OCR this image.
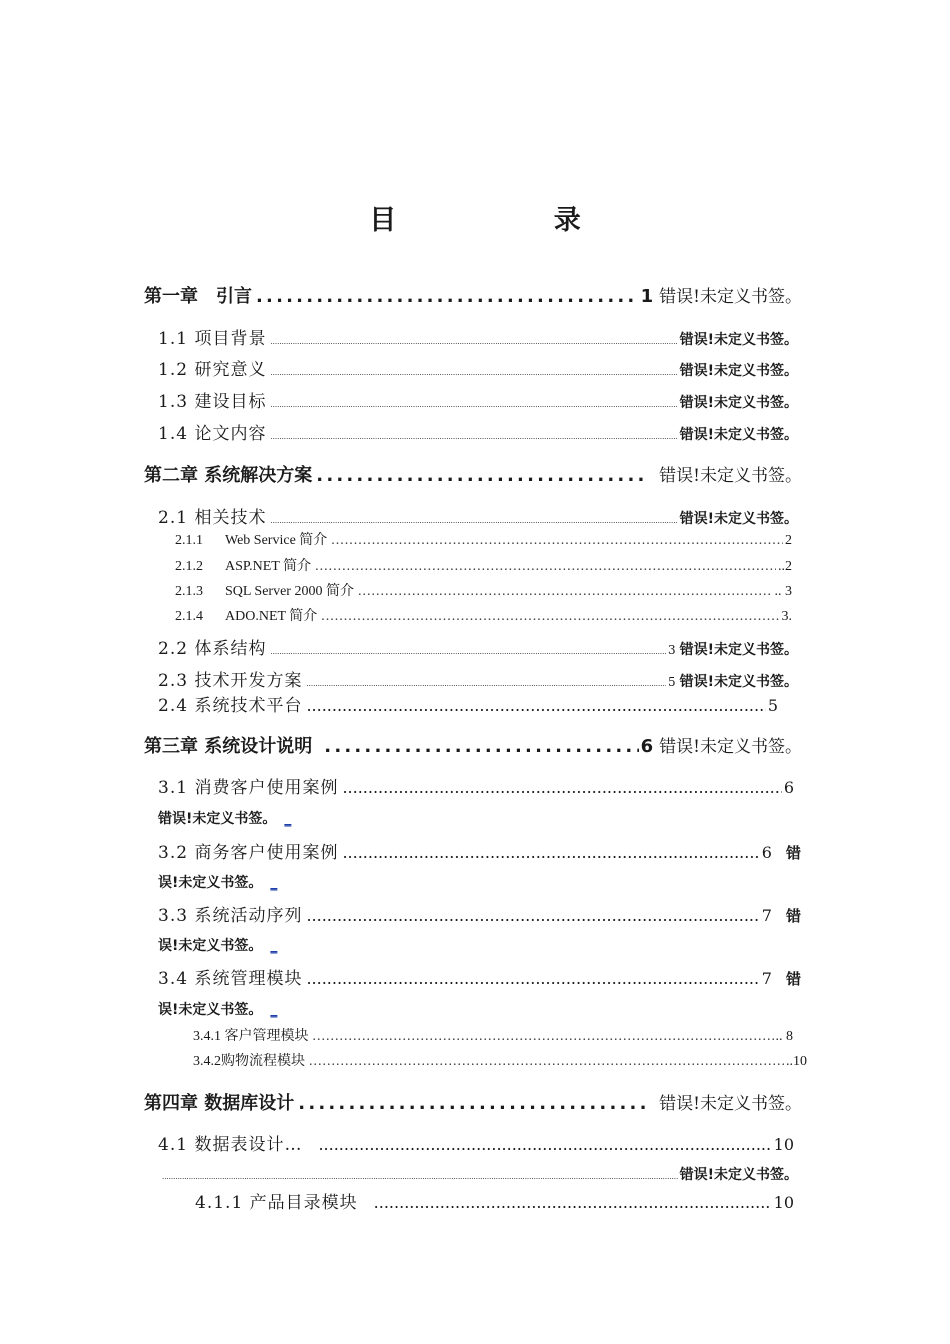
目 录
第一章　引言 .....	1 错误!未定义书签。
1.1 项目背景 .....	错误!未定义书签。
1.2 研究意义 .....	错误!未定义书签。
1.3 建设目标 .....	错误!未定义书签。
1.4 论文内容 .....	错误!未定义书签。
第二章 系统解决方案 .....	错误!未定义书签。
2.1 相关技术 .....	错误!未定义书签。
2.1.1	Web Service 简介 .....	2
2.1.2	ASP.NET 简介 .....	..2
2.1.3	SQL Server 2000 简介 .....	.. 3
2.1.4	ADO.NET 简介 .....	3.
2.2 体系结构 .....	3 错误!未定义书签。
2.3 技术开发方案 .....	5 错误!未定义书签。
2.4 系统技术平台 .....	5
第三章 系统设计说明 .....	6 错误!未定义书签。
3.1 消费客户使用案例 .....	6
错误!未定义书签。 _
3.2 商务客户使用案例 .....	6 错
误!未定义书签。 _
3.3 系统活动序列 .....	7 错
误!未定义书签。 _
3.4 系统管理模块 .....	7 错
误!未定义书签。 _
3.4.1 客户管理模块 .....	.. 8
3.4.2购物流程模块 .....	..10
第四章 数据库设计 .....	错误!未定义书签。
4.1 数据表设计… .....	10
.....
错误!未定义书签。
4.1.1 产品目录模块 .....	10
